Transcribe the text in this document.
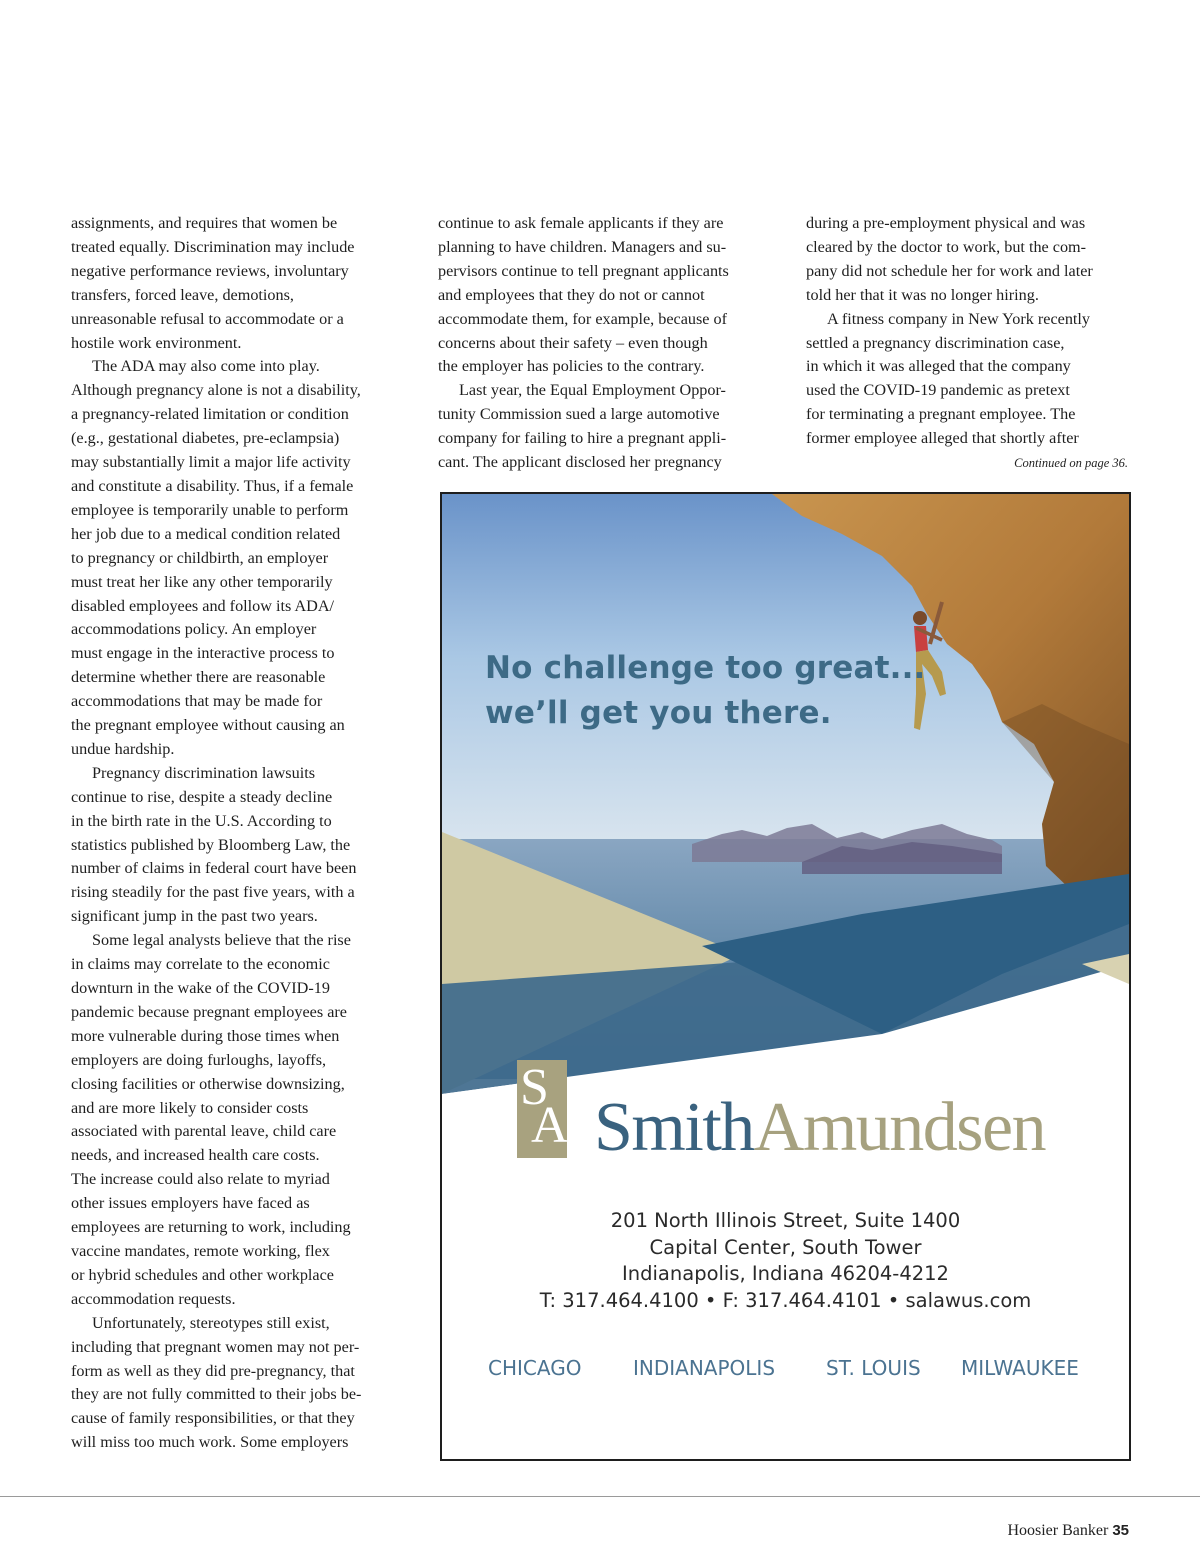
assignments, and requires that women be
treated equally. Discrimination may include
negative performance reviews, involuntary
transfers, forced leave, demotions,
unreasonable refusal to accommodate or a
hostile work environment.

The ADA may also come into play.
Although pregnancy alone is not a disability,
a pregnancy-related limitation or condition
(e.g., gestational diabetes, pre-eclampsia)
may substantially limit a major life activity
and constitute a disability. Thus, if a female
employee is temporarily unable to perform
her job due to a medical condition related
to pregnancy or childbirth, an employer
must treat her like any other temporarily
disabled employees and follow its ADA/
accommodations policy. An employer
must engage in the interactive process to
determine whether there are reasonable
accommodations that may be made for
the pregnant employee without causing an
undue hardship.

Pregnancy discrimination lawsuits
continue to rise, despite a steady decline
in the birth rate in the U.S. According to
statistics published by Bloomberg Law, the
number of claims in federal court have been
rising steadily for the past five years, with a
significant jump in the past two years.

Some legal analysts believe that the rise
in claims may correlate to the economic
downturn in the wake of the COVID-19
pandemic because pregnant employees are
more vulnerable during those times when
employers are doing furloughs, layoffs,
closing facilities or otherwise downsizing,
and are more likely to consider costs
associated with parental leave, child care
needs, and increased health care costs.
The increase could also relate to myriad
other issues employers have faced as
employees are returning to work, including
vaccine mandates, remote working, flex
or hybrid schedules and other workplace
accommodation requests.

Unfortunately, stereotypes still exist,
including that pregnant women may not per-
form as well as they did pre-pregnancy, that
they are not fully committed to their jobs be-
cause of family responsibilities, or that they
will miss too much work. Some employers

continue to ask female applicants if they are
planning to have children. Managers and su-
pervisors continue to tell pregnant applicants
and employees that they do not or cannot
accommodate them, for example, because of
concerns about their safety – even though
the employer has policies to the contrary.

Last year, the Equal Employment Oppor-
tunity Commission sued a large automotive
company for failing to hire a pregnant appli-
cant. The applicant disclosed her pregnancy

during a pre-employment physical and was
cleared by the doctor to work, but the com-
pany did not schedule her for work and later
told her that it was no longer hiring.

A fitness company in New York recently
settled a pregnancy discrimination case,
in which it was alleged that the company
used the COVID-19 pandemic as pretext
for terminating a pregnant employee. The
former employee alleged that shortly after

Continued on page 36.
No challenge too great...
we’ll get you there.
S
A SmithAmundsen
201 North Illinois Street, Suite 1400
Capital Center, South Tower
Indianapolis, Indiana 46204-4212
T: 317.464.4100 • F: 317.464.4101 • salawus.com
CHICAGO	INDIANAPOLIS	ST. LOUIS MILWAUKEE
Hoosier Banker 35
